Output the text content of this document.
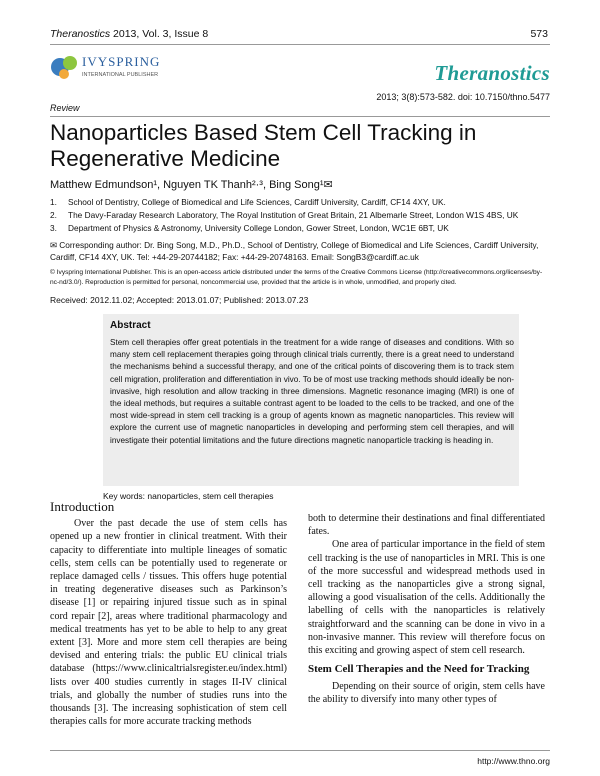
Theranostics 2013, Vol. 3, Issue 8	573
IVYSPRING
INTERNATIONAL PUBLISHER	Theranostics
2013; 3(8):573-582. doi: 10.7150/thno.5477
Review
Nanoparticles Based Stem Cell Tracking in Regenerative Medicine
Matthew Edmundson¹, Nguyen TK Thanh²·³, Bing Song¹✉
1. School of Dentistry, College of Biomedical and Life Sciences, Cardiff University, Cardiff, CF14 4XY, UK.
2. The Davy-Faraday Research Laboratory, The Royal Institution of Great Britain, 21 Albemarle Street, London W1S 4BS, UK
3. Department of Physics & Astronomy, University College London, Gower Street, London, WC1E 6BT, UK
✉ Corresponding author: Dr. Bing Song, M.D., Ph.D., School of Dentistry, College of Biomedical and Life Sciences, Cardiff University, Cardiff, CF14 4XY, UK. Tel: +44-29-20744182; Fax: +44-29-20748163. Email: SongB3@cardiff.ac.uk
© Ivyspring International Publisher. This is an open-access article distributed under the terms of the Creative Commons License (http://creativecommons.org/licenses/by-nc-nd/3.0/). Reproduction is permitted for personal, noncommercial use, provided that the article is in whole, unmodified, and properly cited.
Received: 2012.11.02; Accepted: 2013.01.07; Published: 2013.07.23
Abstract
Stem cell therapies offer great potentials in the treatment for a wide range of diseases and conditions. With so many stem cell replacement therapies going through clinical trials currently, there is a great need to understand the mechanisms behind a successful therapy, and one of the critical points of discovering them is to track stem cell migration, proliferation and differentiation in vivo. To be of most use tracking methods should ideally be non-invasive, high resolution and allow tracking in three dimensions. Magnetic resonance imaging (MRI) is one of the ideal methods, but requires a suitable contrast agent to be loaded to the cells to be tracked, and one of the most wide-spread in stem cell tracking is a group of agents known as magnetic nanoparticles. This review will explore the current use of magnetic nanoparticles in developing and performing stem cell therapies, and will investigate their potential limitations and the future directions magnetic nanoparticle tracking is heading in.
Key words: nanoparticles, stem cell therapies
Introduction

Over the past decade the use of stem cells has opened up a new frontier in clinical treatment. With their capacity to differentiate into multiple lineages of somatic cells, stem cells can be potentially used to regenerate or replace damaged cells / tissues. This offers huge potential in treating degenerative diseases such as Parkinson’s disease [1] or repairing injured tissue such as in spinal cord repair [2], areas where traditional pharmacology and medical treatments has yet to be able to help to any great extent [3]. More and more stem cell therapies are being devised and entering trials: the public EU clinical trials database (https://www.clinicaltrialsregister.eu/index.html) lists over 400 studies currently in stages II-IV clinical trials, and globally the number of studies runs into the thousands [3]. The increasing sophistication of stem cell therapies calls for more accurate tracking methods

both to determine their destinations and final differentiated fates.

One area of particular importance in the field of stem cell tracking is the use of nanoparticles in MRI. This is one of the more successful and widespread methods used in cell tracking as the nanoparticles give a strong signal, allowing a good visualisation of the cells. Additionally the labelling of cells with the nanoparticles is relatively straightforward and the scanning can be done in vivo in a non-invasive manner. This review will therefore focus on this exciting and growing aspect of stem cell research.

Stem Cell Therapies and the Need for Tracking

Depending on their source of origin, stem cells have the ability to diversify into many other types of

http://www.thno.org
